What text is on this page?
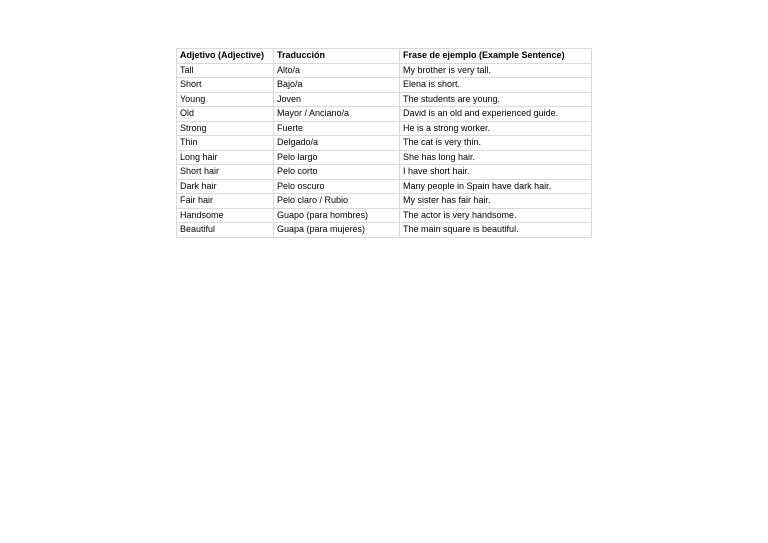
Adjetivo (Adjective)	Traducción	Frase de ejemplo (Example Sentence)
Tall	Alto/a	My brother is very tall.
Short	Bajo/a	Elena is short.
Young	Joven	The students are young.
Old	Mayor / Anciano/a	David is an old and experienced guide.
Strong	Fuerte	He is a strong worker.
Thin	Delgado/a	The cat is very thin.
Long hair	Pelo largo	She has long hair.
Short hair	Pelo corto	I have short hair.
Dark hair	Pelo oscuro	Many people in Spain have dark hair.
Fair hair	Pelo claro / Rubio	My sister has fair hair.
Handsome	Guapo (para hombres)	The actor is very handsome.
Beautiful	Guapa (para mujeres)	The main square is beautiful.
